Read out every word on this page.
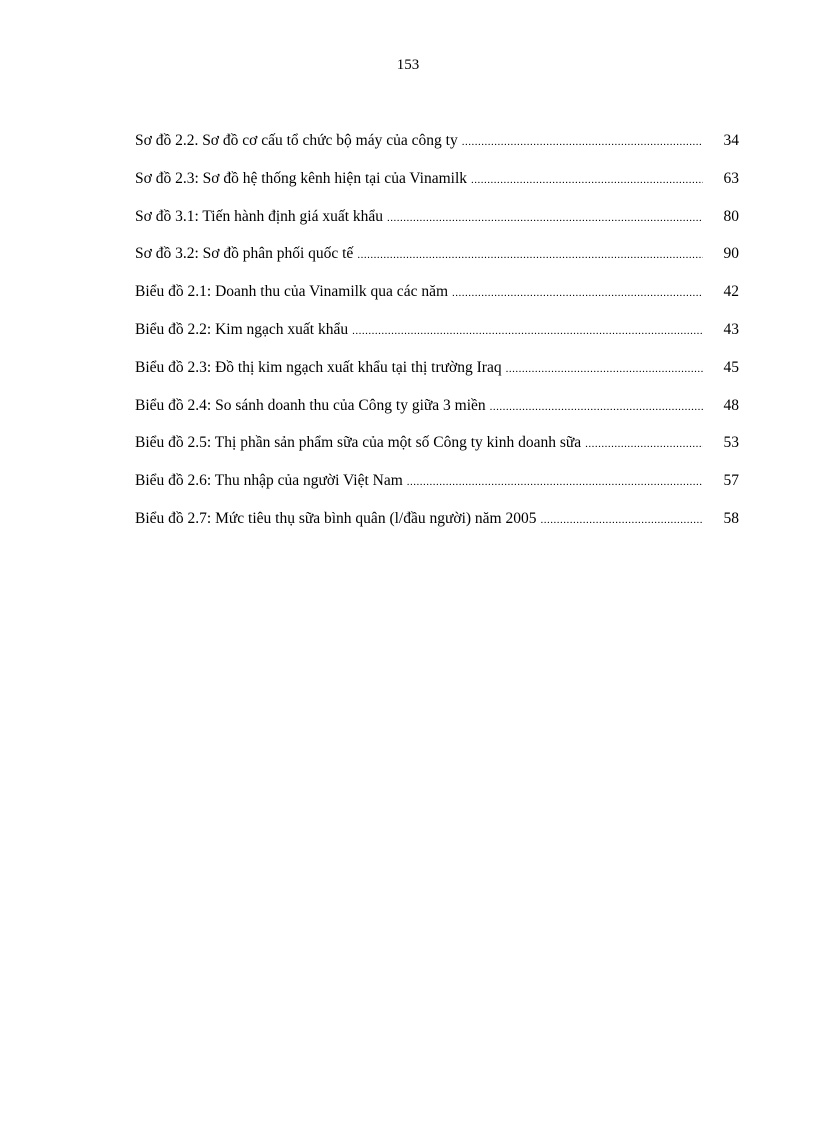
153
Sơ đồ 2.2. Sơ đồ cơ cấu tổ chức bộ máy của công ty .....	34
Sơ đồ 2.3: Sơ đồ hệ thống kênh hiện tại của Vinamilk .....	63
Sơ đồ 3.1: Tiến hành định giá xuất khẩu .....	80
Sơ đồ 3.2: Sơ đồ phân phối quốc tế .....	90
Biểu đồ 2.1: Doanh thu của Vinamilk qua các năm .....	42
Biểu đồ 2.2: Kim ngạch xuất khẩu .....	43
Biểu đồ 2.3: Đồ thị kim ngạch xuất khẩu tại thị trường Iraq .....	45
Biểu đồ 2.4: So sánh doanh thu của Công ty giữa 3 miền .....	48
Biểu đồ 2.5: Thị phần sản phẩm sữa của một số Công ty kinh doanh sữa .....	53
Biểu đồ 2.6: Thu nhập của người Việt Nam .....	57
Biểu đồ 2.7: Mức tiêu thụ sữa bình quân (l/đầu người) năm 2005 .....	58
